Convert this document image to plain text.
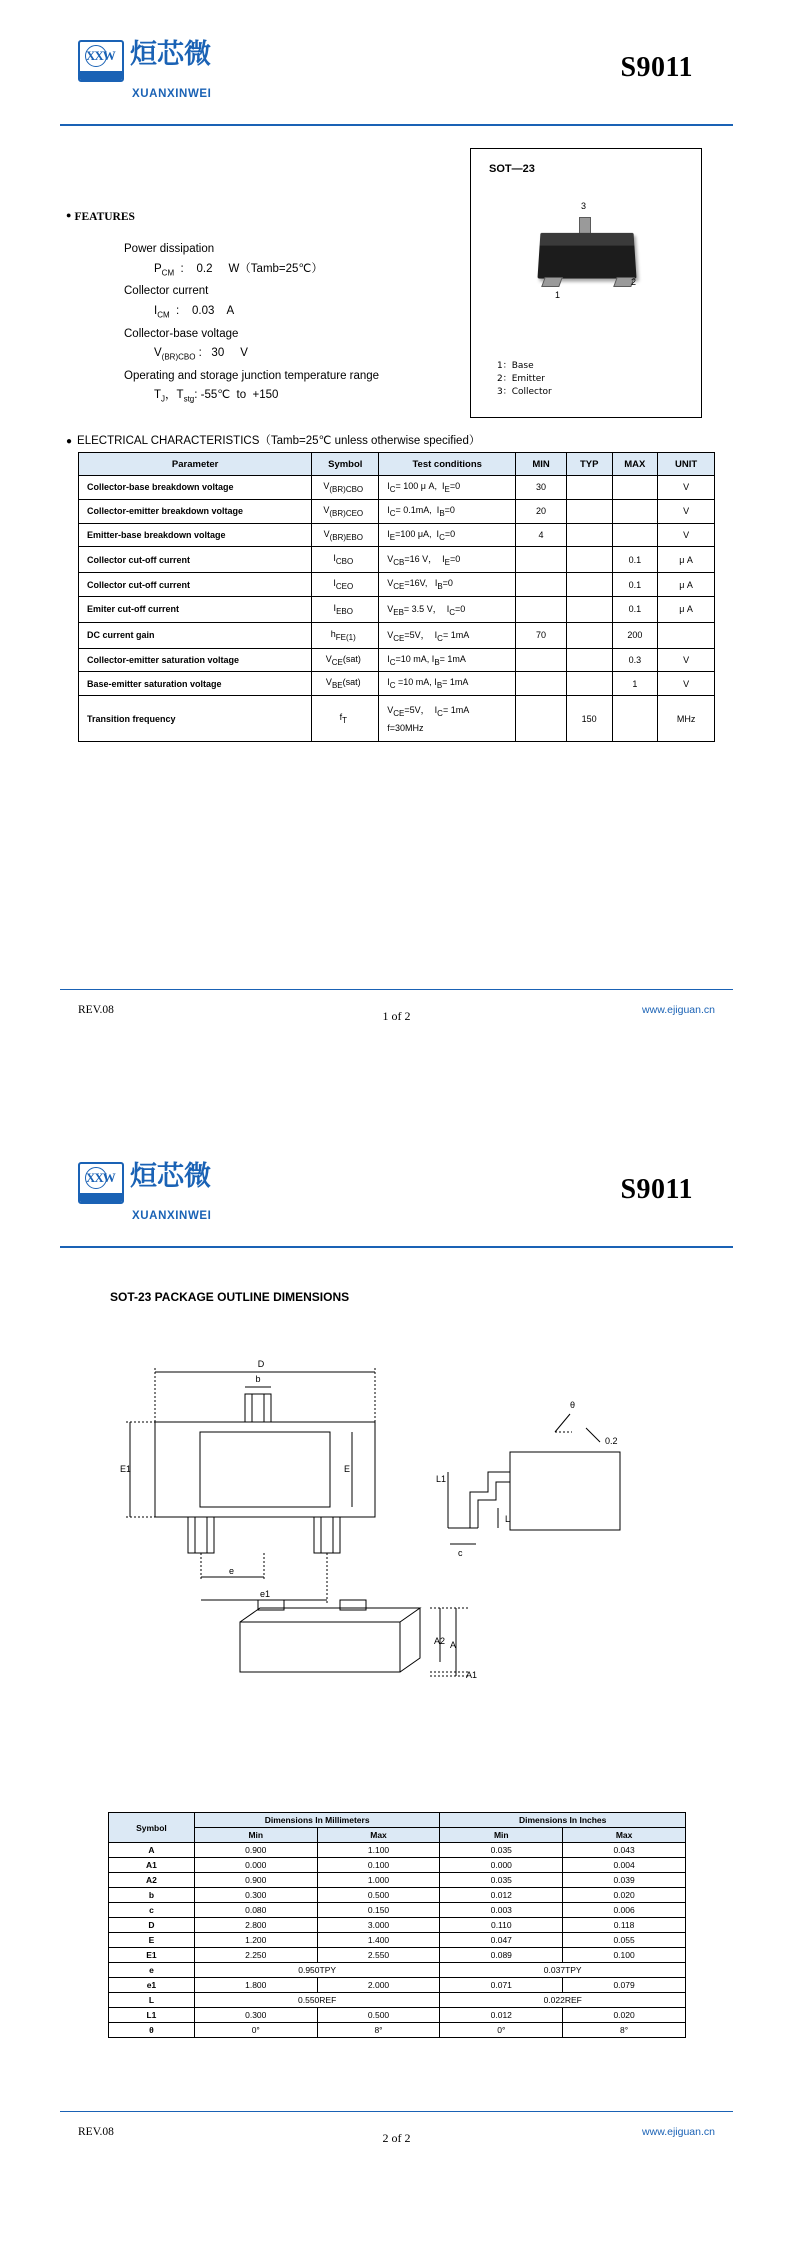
XXW 烜芯微
XUANXINWEI
S9011
● FEATURES
Power dissipation
$P_{CM}$  :    0.2     W（Tamb=25℃）
Collector current
$I_{CM}$  :    0.03    A
Collector-base voltage
$V_{(BR)CBO}$ :   30     V
Operating and storage junction temperature range
$T_J$，$T_{stg}$: -55℃  to  +150
SOT—23
1
2
3
1：Base
2：Emitter
3：Collector
● ELECTRICAL CHARACTERISTICS（Tamb=25℃ unless otherwise specified）
Parameter	Symbol	Test conditions	MIN	TYP	MAX	UNIT
Collector-base breakdown voltage	$V_{(BR)CBO}$	$I_C= 100$ μ A,  $I_E=0$	30			V
Collector-emitter breakdown voltage	$V_{(BR)CEO}$	$I_C= 0.1mA$,  $I_B=0$	20			V
Emitter-base breakdown voltage	$V_{(BR)EBO}$	$I_E=100$ μA,  $I_C=0$	4			V
Collector cut-off current	$I_{CBO}$	$V_{CB}=16$ V，  $I_E=0$			0.1	μ A
Collector cut-off current	$I_{CEO}$	$V_{CE}=16V$,   $I_B=0$			0.1	μ A
Emiter cut-off current	$I_{EBO}$	$V_{EB}= 3.5$ V，  $I_C=0$			0.1	μ A
DC current gain	$h_{FE(1)}$	$V_{CE}=5V$，  $I_C= 1mA$	70		200	
Collector-emitter saturation voltage	$V_{CE}(sat)$	$I_C=10$ mA, $I_B= 1mA$			0.3	V
Base-emitter saturation voltage	$V_{BE}(sat)$	$I_C =10$ mA, $I_B= 1mA$			1	V
Transition frequency	$f_T$	$V_{CE}=5V$，  $I_C= 1mA$
f=30MHz		150		MHz
REV.08	1 of 2	www.ejiguan.cn
XXW 烜芯微
XUANXINWEI
S9011
SOT-23 PACKAGE OUTLINE DIMENSIONS
D
b
E1	E
e
e1
θ
0.2
L1
L
c
A2 A
A1
Symbol	Dimensions In Millimeters		Dimensions In Inches	
	Min	Max	Min	Max
A	0.900	1.100	0.035	0.043
A1	0.000	0.100	0.000	0.004
A2	0.900	1.000	0.035	0.039
b	0.300	0.500	0.012	0.020
c	0.080	0.150	0.003	0.006
D	2.800	3.000	0.110	0.118
E	1.200	1.400	0.047	0.055
E1	2.250	2.550	0.089	0.100
e	0.950TPY		0.037TPY	
e1	1.800	2.000	0.071	0.079
L	0.550REF		0.022REF	
L1	0.300	0.500	0.012	0.020
θ	0°	8°	0°	8°
REV.08	2 of 2	www.ejiguan.cn
